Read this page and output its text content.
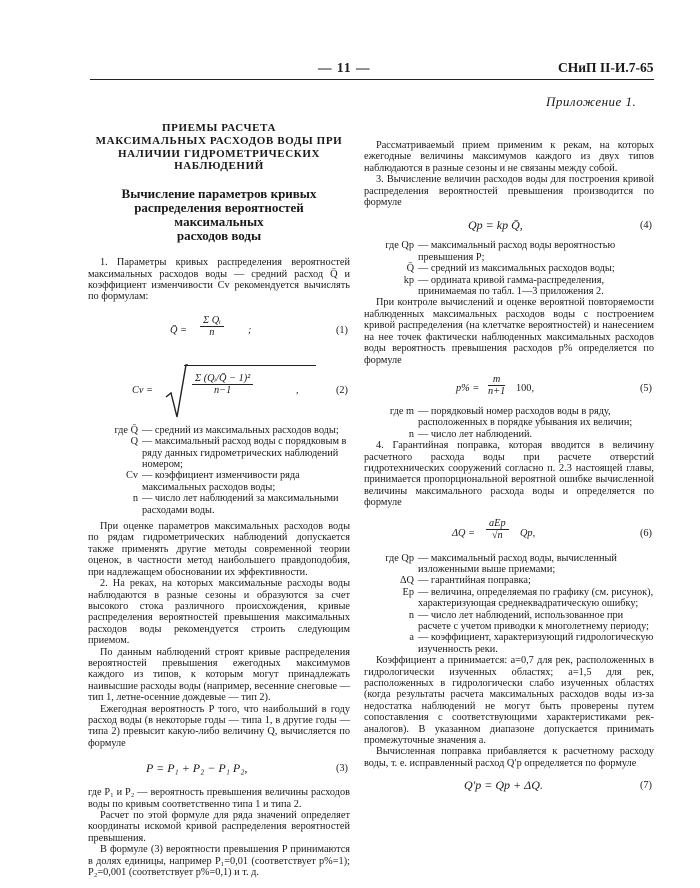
— 11 —	СНиП II-И.7-65
Приложение 1.
ПРИЕМЫ РАСЧЕТА
МАКСИМАЛЬНЫХ РАСХОДОВ ВОДЫ ПРИ
НАЛИЧИИ ГИДРОМЕТРИЧЕСКИХ НАБЛЮДЕНИЙ
Вычисление параметров кривых
распределения вероятностей максимальных
расходов воды

1. Параметры кривых распределения вероятностей максимальных расходов воды — средний расход Q̄ и коэффициент изменчивости Cv рекомендуется вычислять по формулам:

Q̄ = $\frac{\text{Σ Qᵢ}}{n}$ ;	(1)
Cv =	$\frac{\text{Σ (Qᵢ/Q̄ − 1)²}}{n-1}$	,	(2)
где Q̄ — средний из максимальных расходов воды;
Q — максимальный расход воды с порядковым в ряду данных гидрометрических наблюдений номером;
Cv — коэффициент изменчивости ряда максимальных расходов воды;
n — число лет наблюдений за максимальными расходами воды.

При оценке параметров максимальных расходов воды по рядам гидрометрических наблюдений допускается также применять другие методы современной теории оценок, в частности метод наибольшего правдоподобия, при надлежащем обосновании их эффективности.

2. На реках, на которых максимальные расходы воды наблюдаются в разные сезоны и образуются за счет высокого стока различного происхождения, кривые распределения вероятностей превышения максимальных расходов воды рекомендуется строить следующим приемом.

По данным наблюдений строят кривые распределения вероятностей превышения ежегодных максимумов каждого из типов, к которым могут принадлежать наивысшие расходы воды (например, весенние снеговые — тип 1, летне-осенние дождевые — тип 2).

Ежегодная вероятность P того, что наибольший в году расход воды (в некоторые годы — типа 1, в другие годы — типа 2) превысит какую-либо величину Q, вычисляется по формуле

P = P₁ + P₂ − P₁ P₂,	(3)

где P₁ и P₂ — вероятность превышения величины расходов воды по кривым соответственно типа 1 и типа 2.

Расчет по этой формуле для ряда значений определяет координаты искомой кривой распределения вероятностей превышения.

В формуле (3) вероятности превышения P принимаются в долях единицы, например P₁=0,01 (соответствует p%=1); P₂=0,001 (соответствует p%=0,1) и т. д.

Рассматриваемый прием применим к рекам, на которых ежегодные величины максимумов каждого из двух типов наблюдаются в разные сезоны и не связаны между собой.

3. Вычисление величин расходов воды для построения кривой распределения вероятностей превышения производится по формуле

Qp = kp Q̄,	(4)
где Qp — максимальный расход воды вероятностью превышения P;
Q̄ — средний из максимальных расходов воды;
kp — ордината кривой гамма-распределения, принимаемая по табл. 1—3 приложения 2.

При контроле вычислений и оценке вероятной повторяемости наблюденных максимальных расходов воды с построением кривой распределения (на клетчатке вероятностей) и нанесением на нее точек фактически наблюденных максимальных расходов воды вероятность превышения расходов p% определяется по формуле

$p\% = \frac{m}{n+1} 100$,	(5)
где m — порядковый номер расходов воды в ряду, расположенных в порядке убывания их величин;
n — число лет наблюдений.

4. Гарантийная поправка, которая вводится в величину расчетного расхода воды при расчете отверстий гидротехнических сооружений согласно п. 2.3 настоящей главы, принимается пропорциональной вероятной ошибке вычисленной величины максимального расхода воды и определяется по формуле

ΔQ =
aEp
√n	Qp,	(6)
где Qp — максимальный расход воды, вычисленный изложенными выше приемами;
ΔQ — гарантийная поправка;
Ep — величина, определяемая по графику (см. рисунок), характеризующая среднеквадратическую ошибку;
n — число лет наблюдений, использованное при расчете с учетом приводки к многолетнему периоду;
a — коэффициент, характеризующий гидрологическую изученность реки.

Коэффициент a принимается: a=0,7 для рек, расположенных в гидрологически изученных областях; a=1,5 для рек, расположенных в гидрологически слабо изученных областях (когда результаты расчета максимальных расходов воды из-за недостатка наблюдений не могут быть проверены путем сопоставления с соответствующими характеристиками рек-аналогов). В указанном диапазоне допускается принимать промежуточные значения a.

Вычисленная поправка прибавляется к расчетному расходу воды, т. е. исправленный расход Q′p определяется по формуле

Q′p = Qp + ΔQ.	(7)
